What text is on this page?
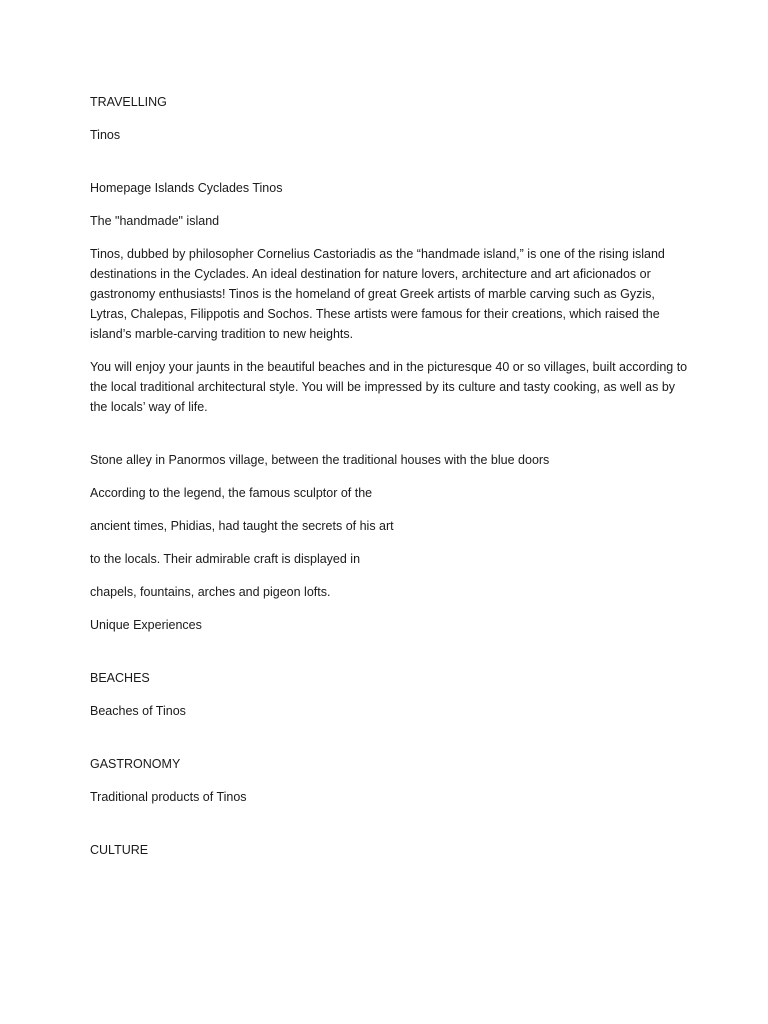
TRAVELLING

Tinos

Homepage Islands Cyclades Tinos

The "handmade" island

Tinos, dubbed by philosopher Cornelius Castoriadis as the “handmade island,” is one of the rising island destinations in the Cyclades. An ideal destination for nature lovers, architecture and art aficionados or gastronomy enthusiasts! Tinos is the homeland of great Greek artists of marble carving such as Gyzis, Lytras, Chalepas, Filippotis and Sochos. These artists were famous for their creations, which raised the island’s marble-carving tradition to new heights.

You will enjoy your jaunts in the beautiful beaches and in the picturesque 40 or so villages, built according to the local traditional architectural style. You will be impressed by its culture and tasty cooking, as well as by the locals’ way of life.

Stone alley in Panormos village, between the traditional houses with the blue doors

According to the legend, the famous sculptor of the

ancient times, Phidias, had taught the secrets of his art

to the locals. Their admirable craft is displayed in

chapels, fountains, arches and pigeon lofts.

Unique Experiences

BEACHES

Beaches of Tinos

GASTRONOMY

Traditional products of Tinos

CULTURE
